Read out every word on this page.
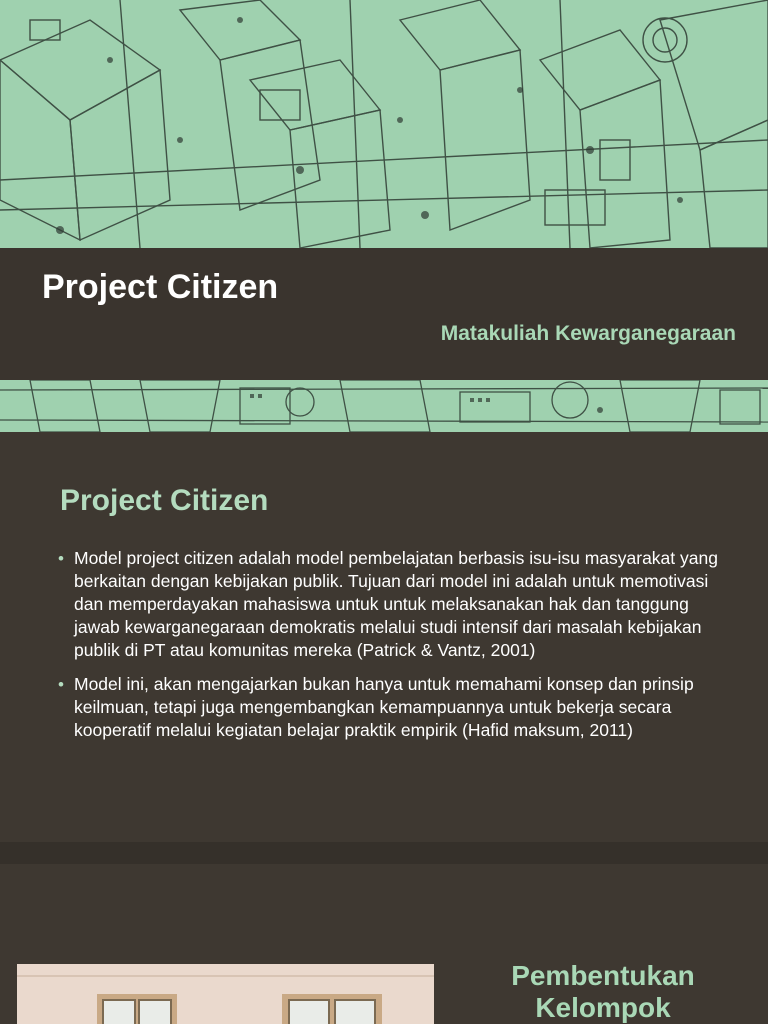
Project Citizen
Matakuliah Kewarganegaraan
Project Citizen
• Model project citizen adalah model pembelajatan berbasis isu-isu masyarakat yang berkaitan dengan kebijakan publik. Tujuan dari model ini adalah untuk memotivasi dan memperdayakan mahasiswa untuk untuk melaksanakan hak dan tanggung jawab kewarganegaraan demokratis melalui studi intensif dari masalah kebijakan publik di PT atau komunitas mereka (Patrick & Vantz, 2001)
• Model ini, akan mengajarkan bukan hanya untuk memahami konsep dan prinsip keilmuan, tetapi juga mengembangkan kemampuannya untuk bekerja secara kooperatif melalui kegiatan belajar praktik empirik (Hafid maksum, 2011)
Pembentukan Kelompok
